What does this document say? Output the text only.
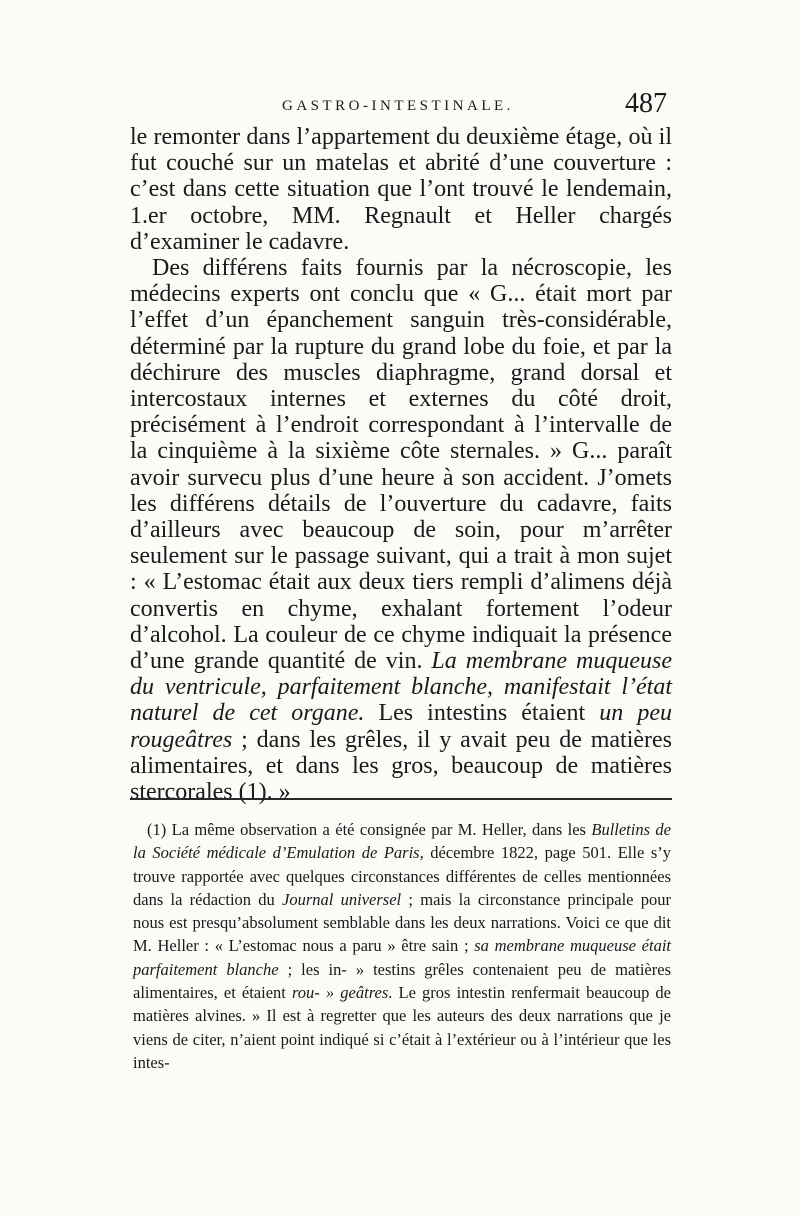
GASTRO-INTESTINALE.	487

le remonter dans l’appartement du deuxième étage, où il fut couché sur un matelas et abrité d’une couverture : c’est dans cette situation que l’ont trouvé le lendemain, 1.er octobre, MM. Regnault et Heller chargés d’examiner le cadavre.

Des différens faits fournis par la nécroscopie, les médecins experts ont conclu que « G... était mort par l’effet d’un épanchement sanguin très-considérable, déterminé par la rupture du grand lobe du foie, et par la déchirure des muscles diaphragme, grand dorsal et intercostaux internes et externes du côté droit, précisément à l’endroit correspondant à l’intervalle de la cinquième à la sixième côte sternales. » G... paraît avoir survecu plus d’une heure à son accident. J’omets les différens détails de l’ouverture du cadavre, faits d’ailleurs avec beaucoup de soin, pour m’arrêter seulement sur le passage suivant, qui a trait à mon sujet : « L’estomac était aux deux tiers rempli d’alimens déjà convertis en chyme, exhalant fortement l’odeur d’alcohol. La couleur de ce chyme indiquait la présence d’une grande quantité de vin. La membrane muqueuse du ventricule, parfaitement blanche, manifestait l’état naturel de cet organe. Les intestins étaient un peu rougeâtres ; dans les grêles, il y avait peu de matières alimentaires, et dans les gros, beaucoup de matières stercorales (1). »

(1) La même observation a été consignée par M. Heller, dans les Bulletins de la Société médicale d’Emulation de Paris, décembre 1822, page 501. Elle s’y trouve rapportée avec quelques circonstances différentes de celles mentionnées dans la rédaction du Journal universel ; mais la circonstance principale pour nous est presqu’absolument semblable dans les deux narrations. Voici ce que dit M. Heller : « L’estomac nous a paru » être sain ; sa membrane muqueuse était parfaitement blanche ; les in- » testins grêles contenaient peu de matières alimentaires, et étaient rou- » geâtres. Le gros intestin renfermait beaucoup de matières alvines. » Il est à regretter que les auteurs des deux narrations que je viens de citer, n’aient point indiqué si c’était à l’extérieur ou à l’intérieur que les intes-
